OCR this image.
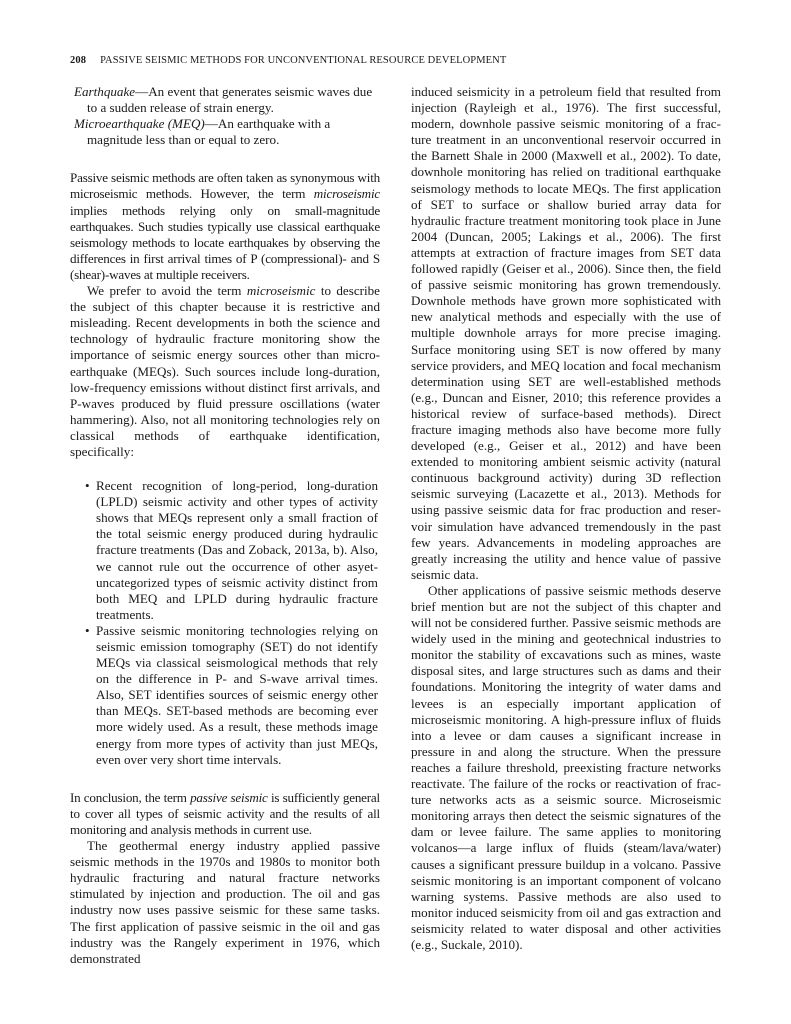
208 PASSIVE SEISMIC METHODS FOR UNCONVENTIONAL RESOURCE DEVELOPMENT

Earthquake—An event that generates seismic waves due to a sudden release of strain energy.

Microearthquake (MEQ)—An earthquake with a magnitude less than or equal to zero.

Passive seismic methods are often taken as synonymous with microseismic methods. However, the term microseismic implies methods relying only on small-magnitude earthquakes. Such studies typically use classical earthquake seismology methods to locate earthquakes by observing the differences in first arrival times of P (compressional)- and S (shear)-waves at multiple receivers.

We prefer to avoid the term microseismic to describe the subject of this chapter because it is restrictive and misleading. Recent developments in both the science and technology of hydraulic fracture monitoring show the importance of seismic energy sources other than microearthquake (MEQs). Such sources include long-duration, low-frequency emissions without distinct first arrivals, and P-waves produced by fluid pressure oscillations (water hammering). Also, not all monitoring technologies rely on classical methods of earthquake identification, specifically:

• Recent recognition of long-period, long-duration (LPLD) seismic activity and other types of activity shows that MEQs represent only a small fraction of the total seismic energy produced during hydraulic fracture treatments (Das and Zoback, 2013a, b). Also, we cannot rule out the occurrence of other asyet-uncategorized types of seismic activity distinct from both MEQ and LPLD during hydraulic fracture treatments.
• Passive seismic monitoring technologies relying on seismic emission tomography (SET) do not identify MEQs via classical seismological methods that rely on the difference in P- and S-wave arrival times. Also, SET identifies sources of seismic energy other than MEQs. SET-based methods are becoming ever more widely used. As a result, these methods image energy from more types of activity than just MEQs, even over very short time intervals.

In conclusion, the term passive seismic is sufficiently general to cover all types of seismic activity and the results of all monitoring and analysis methods in current use.

The geothermal energy industry applied passive seismic methods in the 1970s and 1980s to monitor both hydraulic fracturing and natural fracture networks stimulated by injection and production. The oil and gas industry now uses passive seismic for these same tasks. The first application of passive seismic in the oil and gas industry was the Rangely experiment in 1976, which demonstrated

induced seismicity in a petroleum field that resulted from injection (Rayleigh et al., 1976). The first successful, modern, downhole passive seismic monitoring of a fracture treatment in an unconventional reservoir occurred in the Barnett Shale in 2000 (Maxwell et al., 2002). To date, downhole monitoring has relied on traditional earthquake seismology methods to locate MEQs. The first application of SET to surface or shallow buried array data for hydraulic fracture treatment monitoring took place in June 2004 (Duncan, 2005; Lakings et al., 2006). The first attempts at extraction of fracture images from SET data followed rapidly (Geiser et al., 2006). Since then, the field of passive seismic monitoring has grown tremendously. Downhole methods have grown more sophisticated with new analytical methods and especially with the use of multiple downhole arrays for more precise imaging. Surface monitoring using SET is now offered by many service providers, and MEQ location and focal mechanism determination using SET are well-established methods (e.g., Duncan and Eisner, 2010; this reference provides a historical review of surface-based methods). Direct fracture imaging methods also have become more fully developed (e.g., Geiser et al., 2012) and have been extended to monitoring ambient seismic activity (natural continuous background activity) during 3D reflection seismic surveying (Lacazette et al., 2013). Methods for using passive seismic data for frac production and reservoir simulation have advanced tremendously in the past few years. Advancements in modeling approaches are greatly increasing the utility and hence value of passive seismic data.

Other applications of passive seismic methods deserve brief mention but are not the subject of this chapter and will not be considered further. Passive seismic methods are widely used in the mining and geotechnical industries to monitor the stability of excavations such as mines, waste disposal sites, and large structures such as dams and their foundations. Monitoring the integrity of water dams and levees is an especially important application of microseismic monitoring. A high-pressure influx of fluids into a levee or dam causes a significant increase in pressure in and along the structure. When the pressure reaches a failure threshold, preexisting fracture networks reactivate. The failure of the rocks or reactivation of fracture networks acts as a seismic source. Microseismic monitoring arrays then detect the seismic signatures of the dam or levee failure. The same applies to monitoring volcanos—a large influx of fluids (steam/lava/water) causes a significant pressure buildup in a volcano. Passive seismic monitoring is an important component of volcano warning systems. Passive methods are also used to monitor induced seismicity from oil and gas extraction and seismicity related to water disposal and other activities (e.g., Suckale, 2010).
